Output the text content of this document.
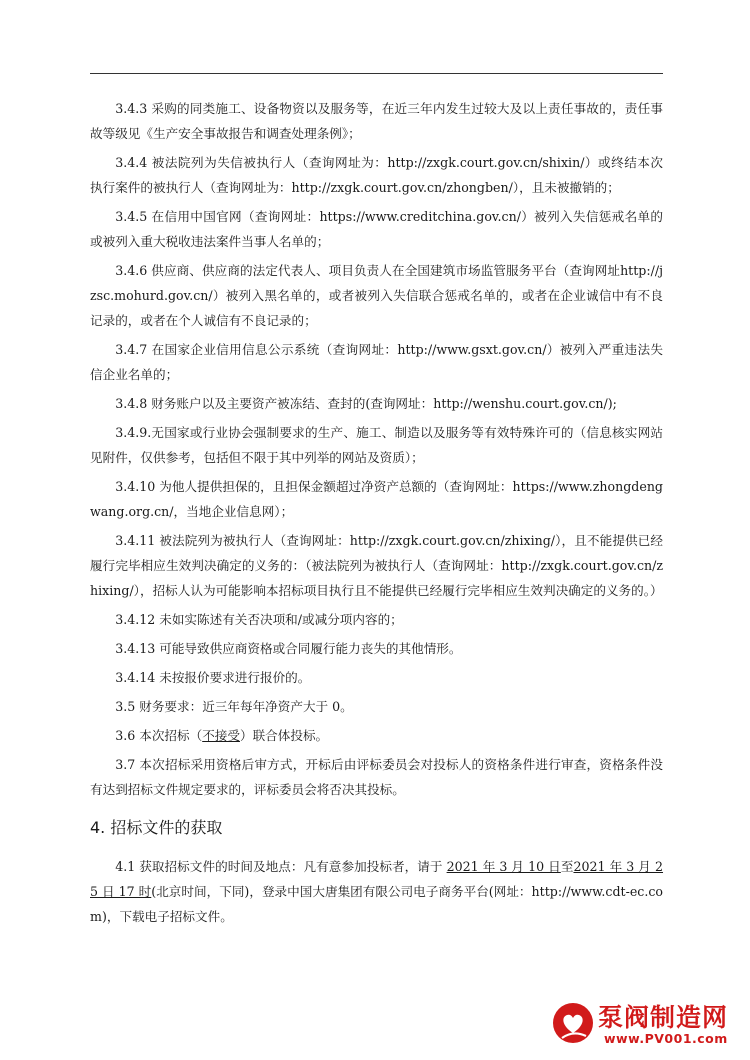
3.4.3 采购的同类施工、设备物资以及服务等，在近三年内发生过较大及以上责任事故的，责任事故等级见《生产安全事故报告和调查处理条例》；

3.4.4 被法院列为失信被执行人（查询网址为：http://zxgk.court.gov.cn/shixin/）或终结本次执行案件的被执行人（查询网址为：http://zxgk.court.gov.cn/zhongben/），且未被撤销的；

3.4.5 在信用中国官网（查询网址：https://www.creditchina.gov.cn/）被列入失信惩戒名单的或被列入重大税收违法案件当事人名单的；

3.4.6 供应商、供应商的法定代表人、项目负责人在全国建筑市场监管服务平台（查询网址http://jzsc.mohurd.gov.cn/）被列入黑名单的，或者被列入失信联合惩戒名单的，或者在企业诚信中有不良记录的，或者在个人诚信有不良记录的；

3.4.7 在国家企业信用信息公示系统（查询网址：http://www.gsxt.gov.cn/）被列入严重违法失信企业名单的；

3.4.8 财务账户以及主要资产被冻结、查封的(查询网址：http://wenshu.court.gov.cn/);

3.4.9.无国家或行业协会强制要求的生产、施工、制造以及服务等有效特殊许可的（信息核实网站见附件，仅供参考，包括但不限于其中列举的网站及资质）；

3.4.10 为他人提供担保的，且担保金额超过净资产总额的（查询网址：https://www.zhongdengwang.org.cn/，当地企业信息网）；

3.4.11 被法院列为被执行人（查询网址：http://zxgk.court.gov.cn/zhixing/），且不能提供已经履行完毕相应生效判决确定的义务的：（被法院列为被执行人（查询网址：http://zxgk.court.gov.cn/zhixing/），招标人认为可能影响本招标项目执行且不能提供已经履行完毕相应生效判决确定的义务的。）

3.4.12 未如实陈述有关否决项和/或减分项内容的；

3.4.13 可能导致供应商资格或合同履行能力丧失的其他情形。

3.4.14 未按报价要求进行报价的。

3.5 财务要求：近三年每年净资产大于 0。

3.6 本次招标（不接受）联合体投标。

3.7 本次招标采用资格后审方式，开标后由评标委员会对投标人的资格条件进行审查，资格条件没有达到招标文件规定要求的，评标委员会将否决其投标。

4. 招标文件的获取

4.1 获取招标文件的时间及地点：凡有意参加投标者，请于 2021 年 3 月 10 日至2021 年 3 月 25 日 17 时(北京时间，下同)，登录中国大唐集团有限公司电子商务平台(网址：http://www.cdt-ec.com)，下载电子招标文件。

泵阀制造网
www.PV001.com
